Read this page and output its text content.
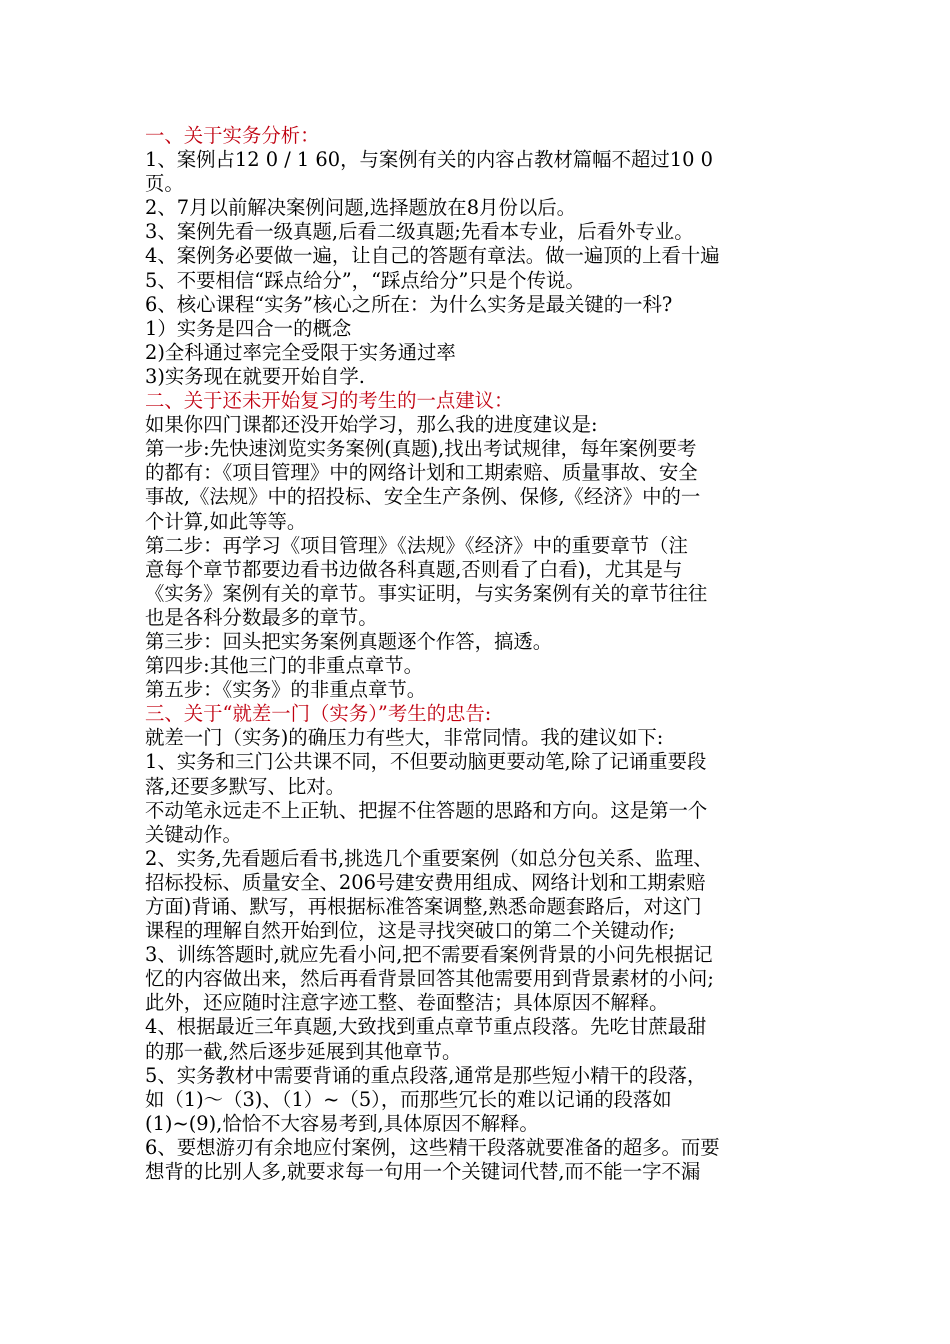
一、关于实务分析：
1、案例占12 0 / 1 60，与案例有关的内容占教材篇幅不超过10 0
页。
2、7月以前解决案例问题,选择题放在8月份以后。
3、案例先看一级真题,后看二级真题;先看本专业，后看外专业。
4、案例务必要做一遍，让自己的答题有章法。做一遍顶的上看十遍
5、不要相信“踩点给分”，“踩点给分”只是个传说。
6、核心课程“实务”核心之所在：为什么实务是最关键的一科?
1）实务是四合一的概念
2)全科通过率完全受限于实务通过率
3)实务现在就要开始自学.
二、关于还未开始复习的考生的一点建议：
如果你四门课都还没开始学习，那么我的进度建议是:
第一步:先快速浏览实务案例(真题),找出考试规律，每年案例要考
的都有：《项目管理》中的网络计划和工期索赔、质量事故、安全
事故,《法规》中的招投标、安全生产条例、保修,《经济》中的一
个计算,如此等等。
第二步：再学习《项目管理》《法规》《经济》中的重要章节（注
意每个章节都要边看书边做各科真题,否则看了白看)，尤其是与
《实务》案例有关的章节。事实证明，与实务案例有关的章节往往
也是各科分数最多的章节。
第三步：回头把实务案例真题逐个作答，搞透。
第四步:其他三门的非重点章节。
第五步：《实务》的非重点章节。
三、关于“就差一门（实务）”考生的忠告:
就差一门（实务)的确压力有些大，非常同情。我的建议如下:
1、实务和三门公共课不同，不但要动脑更要动笔,除了记诵重要段
落,还要多默写、比对。
不动笔永远走不上正轨、把握不住答题的思路和方向。这是第一个
关键动作。
2、实务,先看题后看书,挑选几个重要案例（如总分包关系、监理、
招标投标、质量安全、206号建安费用组成、网络计划和工期索赔
方面)背诵、默写，再根据标准答案调整,熟悉命题套路后，对这门
课程的理解自然开始到位，这是寻找突破口的第二个关键动作;
3、训练答题时,就应先看小问,把不需要看案例背景的小问先根据记
忆的内容做出来，然后再看背景回答其他需要用到背景素材的小问;
此外，还应随时注意字迹工整、卷面整洁；具体原因不解释。
4、根据最近三年真题,大致找到重点章节重点段落。先吃甘蔗最甜
的那一截,然后逐步延展到其他章节。
5、实务教材中需要背诵的重点段落,通常是那些短小精干的段落，
如（1)～（3)、（1）~（5），而那些冗长的难以记诵的段落如
(1)~(9),恰恰不大容易考到,具体原因不解释。
6、要想游刃有余地应付案例，这些精干段落就要准备的超多。而要
想背的比别人多,就要求每一句用一个关键词代替,而不能一字不漏
